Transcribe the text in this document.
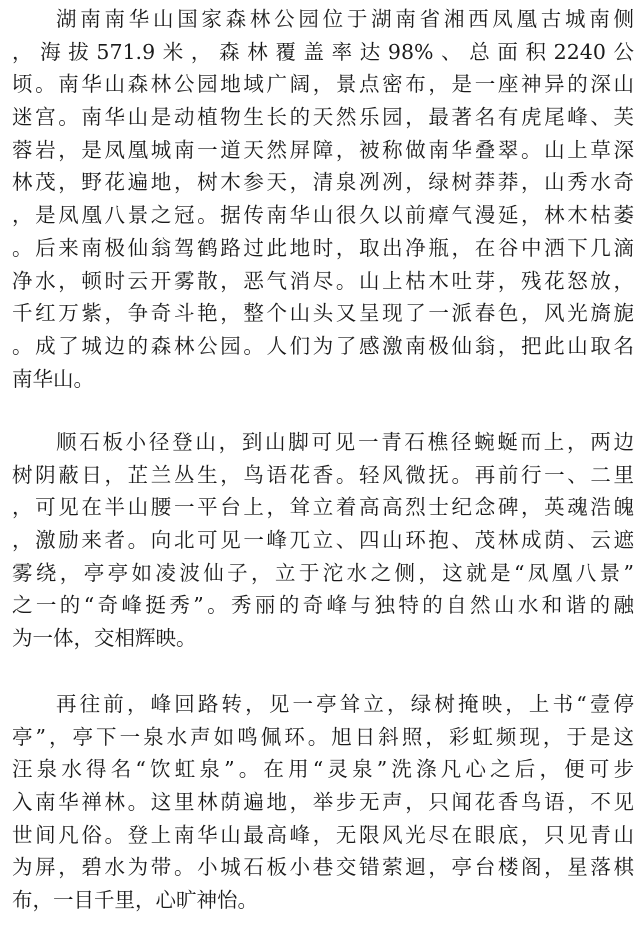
湖南南华山国家森林公园位于湖南省湘西凤凰古城南侧
，海拔571.9米，森林覆盖率达98%、总面积2240公
顷。南华山森林公园地域广阔，景点密布，是一座神异的深山
迷宫。南华山是动植物生长的天然乐园，最著名有虎尾峰、芙
蓉岩，是凤凰城南一道天然屏障，被称做南华叠翠。山上草深
林茂，野花遍地，树木参天，清泉冽冽，绿树莽莽，山秀水奇
，是凤凰八景之冠。据传南华山很久以前瘴气漫延，林木枯萎
。后来南极仙翁驾鹤路过此地时，取出净瓶，在谷中洒下几滴
净水，顿时云开雾散，恶气消尽。山上枯木吐芽，残花怒放，
千红万紫，争奇斗艳，整个山头又呈现了一派春色，风光旖旎
。成了城边的森林公园。人们为了感激南极仙翁，把此山取名
南华山。
顺石板小径登山，到山脚可见一青石樵径蜿蜒而上，两边
树阴蔽日，芷兰丛生，鸟语花香。轻风微抚。再前行一、二里
，可见在半山腰一平台上，耸立着高高烈士纪念碑，英魂浩魄
，激励来者。向北可见一峰兀立、四山环抱、茂林成荫、云遮
雾绕，亭亭如凌波仙子，立于沱水之侧，这就是“凤凰八景”
之一的“奇峰挺秀”。秀丽的奇峰与独特的自然山水和谐的融
为一体，交相辉映。
再往前，峰回路转，见一亭耸立，绿树掩映，上书“壹停
亭”，亭下一泉水声如鸣佩环。旭日斜照，彩虹频现，于是这
汪泉水得名“饮虹泉”。在用“灵泉”洗涤凡心之后，便可步
入南华禅林。这里林荫遍地，举步无声，只闻花香鸟语，不见
世间凡俗。登上南华山最高峰，无限风光尽在眼底，只见青山
为屏，碧水为带。小城石板小巷交错萦迴，亭台楼阁，星落棋
布，一目千里，心旷神怡。
